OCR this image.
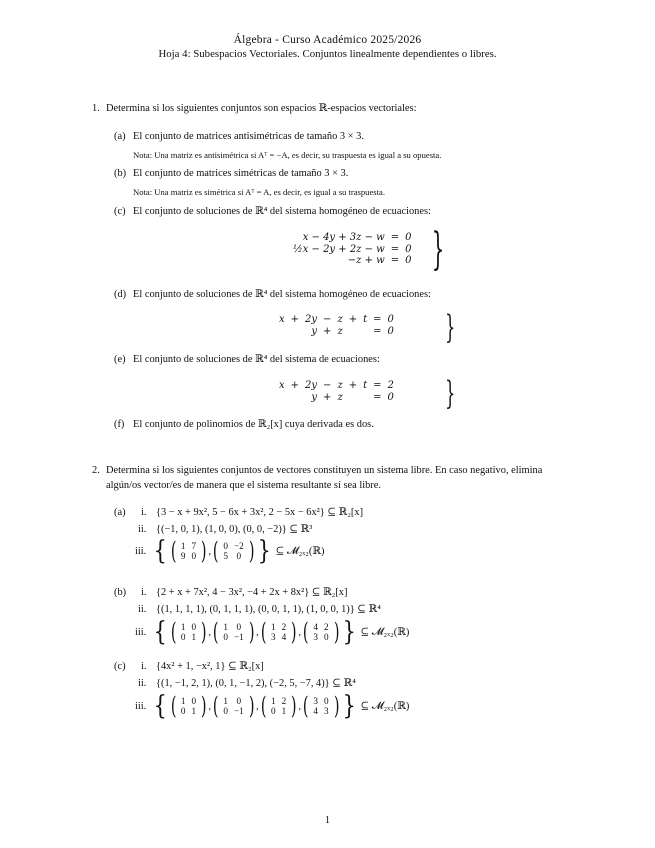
Álgebra - Curso Académico 2025/2026
Hoja 4: Subespacios Vectoriales. Conjuntos linealmente dependientes o libres.
1. Determina si los siguientes conjuntos son espacios ℝ-espacios vectoriales:
(a) El conjunto de matrices antisimétricas de tamaño 3 × 3.
Nota: Una matriz es antisimétrica si Aᵀ = −A, es decir, su traspuesta es igual a su opuesta.
(b) El conjunto de matrices simétricas de tamaño 3 × 3.
Nota: Una matriz es simétrica si Aᵀ = A, es decir, es igual a su traspuesta.
(c) El conjunto de soluciones de ℝ⁴ del sistema homogéneo de ecuaciones:
x − 4y + 3z − w	=	0
½x − 2y + 2z − w	=	0
−z + w	=	0 }
(d) El conjunto de soluciones de ℝ⁴ del sistema homogéneo de ecuaciones:
x	+	2y	−	z	+	t	=	0
		y	+	z			=	0 }
(e) El conjunto de soluciones de ℝ⁴ del sistema de ecuaciones:
x	+	2y	−	z	+	t	=	2
		y	+	z			=	0 }
(f) El conjunto de polinomios de ℝ₂[x] cuya derivada es dos.
2. Determina si los siguientes conjuntos de vectores constituyen un sistema libre. En caso negativo, elimina
algún/os vector/es de manera que el sistema resultante sí sea libre.
(a) i. {3 − x + 9x², 5 − 6x + 3x², 2 − 5x − 6x²} ⊆ ℝ₂[x]
ii. {(−1, 0, 1), (1, 0, 0), (0, 0, −2)} ⊆ ℝ³
iii. { ( 1	7
9	0 ) , ( 0	−2
5	0 ) } ⊆ 𝓜₂ₓ₂(ℝ)
(b) i. {2 + x + 7x², 4 − 3x², −4 + 2x + 8x²} ⊆ ℝ₂[x]
ii. {(1, 1, 1, 1), (0, 1, 1, 1), (0, 0, 1, 1), (1, 0, 0, 1)} ⊆ ℝ⁴
iii. { ( 1	0
0	1 ) , ( 1	0
0	−1 ) , ( 1	2
3	4 ) , ( 4	2
3	0 ) } ⊆ 𝓜₂ₓ₂(ℝ)
(c) i. {4x² + 1, −x², 1} ⊆ ℝ₂[x]
ii. {(1, −1, 2, 1), (0, 1, −1, 2), (−2, 5, −7, 4)} ⊆ ℝ⁴
iii. { ( 1	0
0	1 ) , ( 1	0
0	−1 ) , ( 1	2
0	1 ) , ( 3	0
4	3 ) } ⊆ 𝓜₂ₓ₂(ℝ)
1
